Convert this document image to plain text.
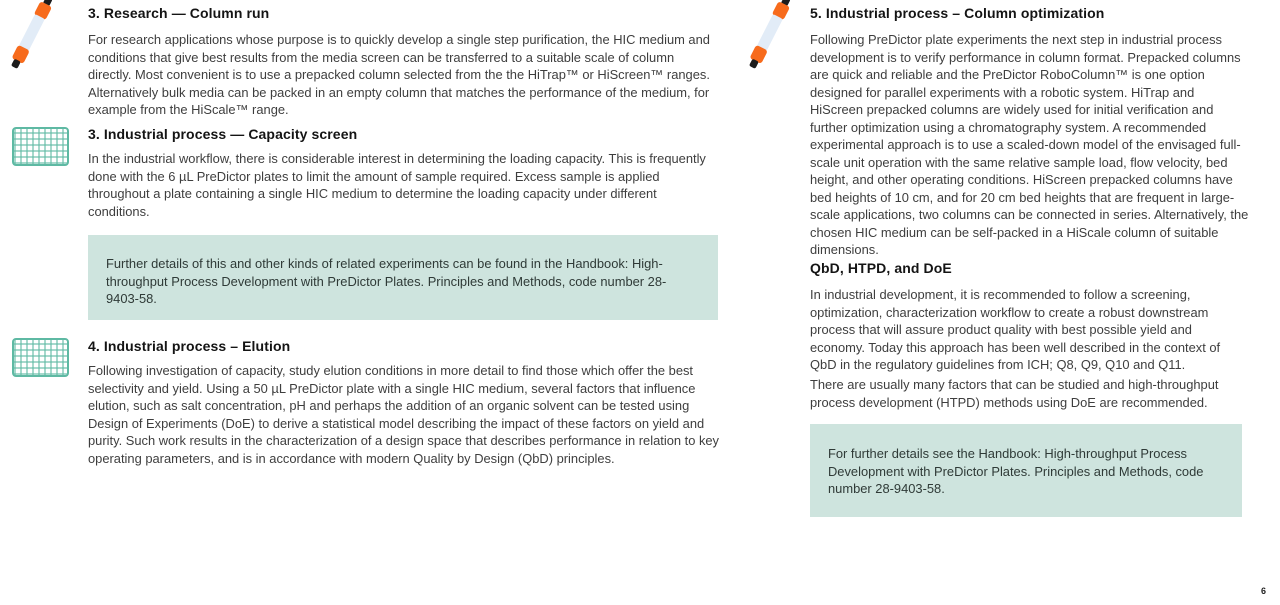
3. Research — Column run

For research applications whose purpose is to quickly develop a single step purification, the HIC medium and conditions that give best results from the media screen can be transferred to a suitable scale of column directly. Most convenient is to use a prepacked column selected from the the HiTrap™ or HiScreen™ ranges. Alternatively bulk media can be packed in an empty column that matches the performance of the medium, for example from the HiScale™ range.

3. Industrial process — Capacity screen

In the industrial workflow, there is considerable interest in determining the loading capacity. This is frequently done with the 6 µL PreDictor plates to limit the amount of sample required. Excess sample is applied throughout a plate containing a single HIC medium to determine the loading capacity under different conditions.

Further details of this and other kinds of related experiments can be found in the Handbook: High-throughput Process Development with PreDictor Plates. Principles and Methods, code number 28-9403-58.

4. Industrial process – Elution

Following investigation of capacity, study elution conditions in more detail to find those which offer the best selectivity and yield. Using a 50 µL PreDictor plate with a single HIC medium, several factors that influence elution, such as salt concentration, pH and perhaps the addition of an organic solvent can be tested using Design of Experiments (DoE) to derive a statistical model describing the impact of these factors on yield and purity. Such work results in the characterization of a design space that describes performance in relation to key operating parameters, and is in accordance with modern Quality by Design (QbD) principles.

5. Industrial process – Column optimization

Following PreDictor plate experiments the next step in industrial process development is to verify performance in column format. Prepacked columns are quick and reliable and the PreDictor RoboColumn™ is one option designed for parallel experiments with a robotic system. HiTrap and HiScreen prepacked columns are widely used for initial verification and further optimization using a chromatography system. A recommended experimental approach is to use a scaled-down model of the envisaged full-scale unit operation with the same relative sample load, flow velocity, bed height, and other operating conditions. HiScreen prepacked columns have bed heights of 10 cm, and for 20 cm bed heights that are frequent in large-scale applications, two columns can be connected in series. Alternatively, the chosen HIC medium can be self-packed in a HiScale column of suitable dimensions.

QbD, HTPD, and DoE

In industrial development, it is recommended to follow a screening, optimization, characterization workflow to create a robust downstream process that will assure product quality with best possible yield and economy. Today this approach has been well described in the context of QbD in the regulatory guidelines from ICH; Q8, Q9, Q10 and Q11.

There are usually many factors that can be studied and high-throughput process development (HTPD) methods using DoE are recommended.

For further details see the Handbook: High-throughput Process Development with PreDictor Plates. Principles and Methods, code number 28-9403-58.

6
